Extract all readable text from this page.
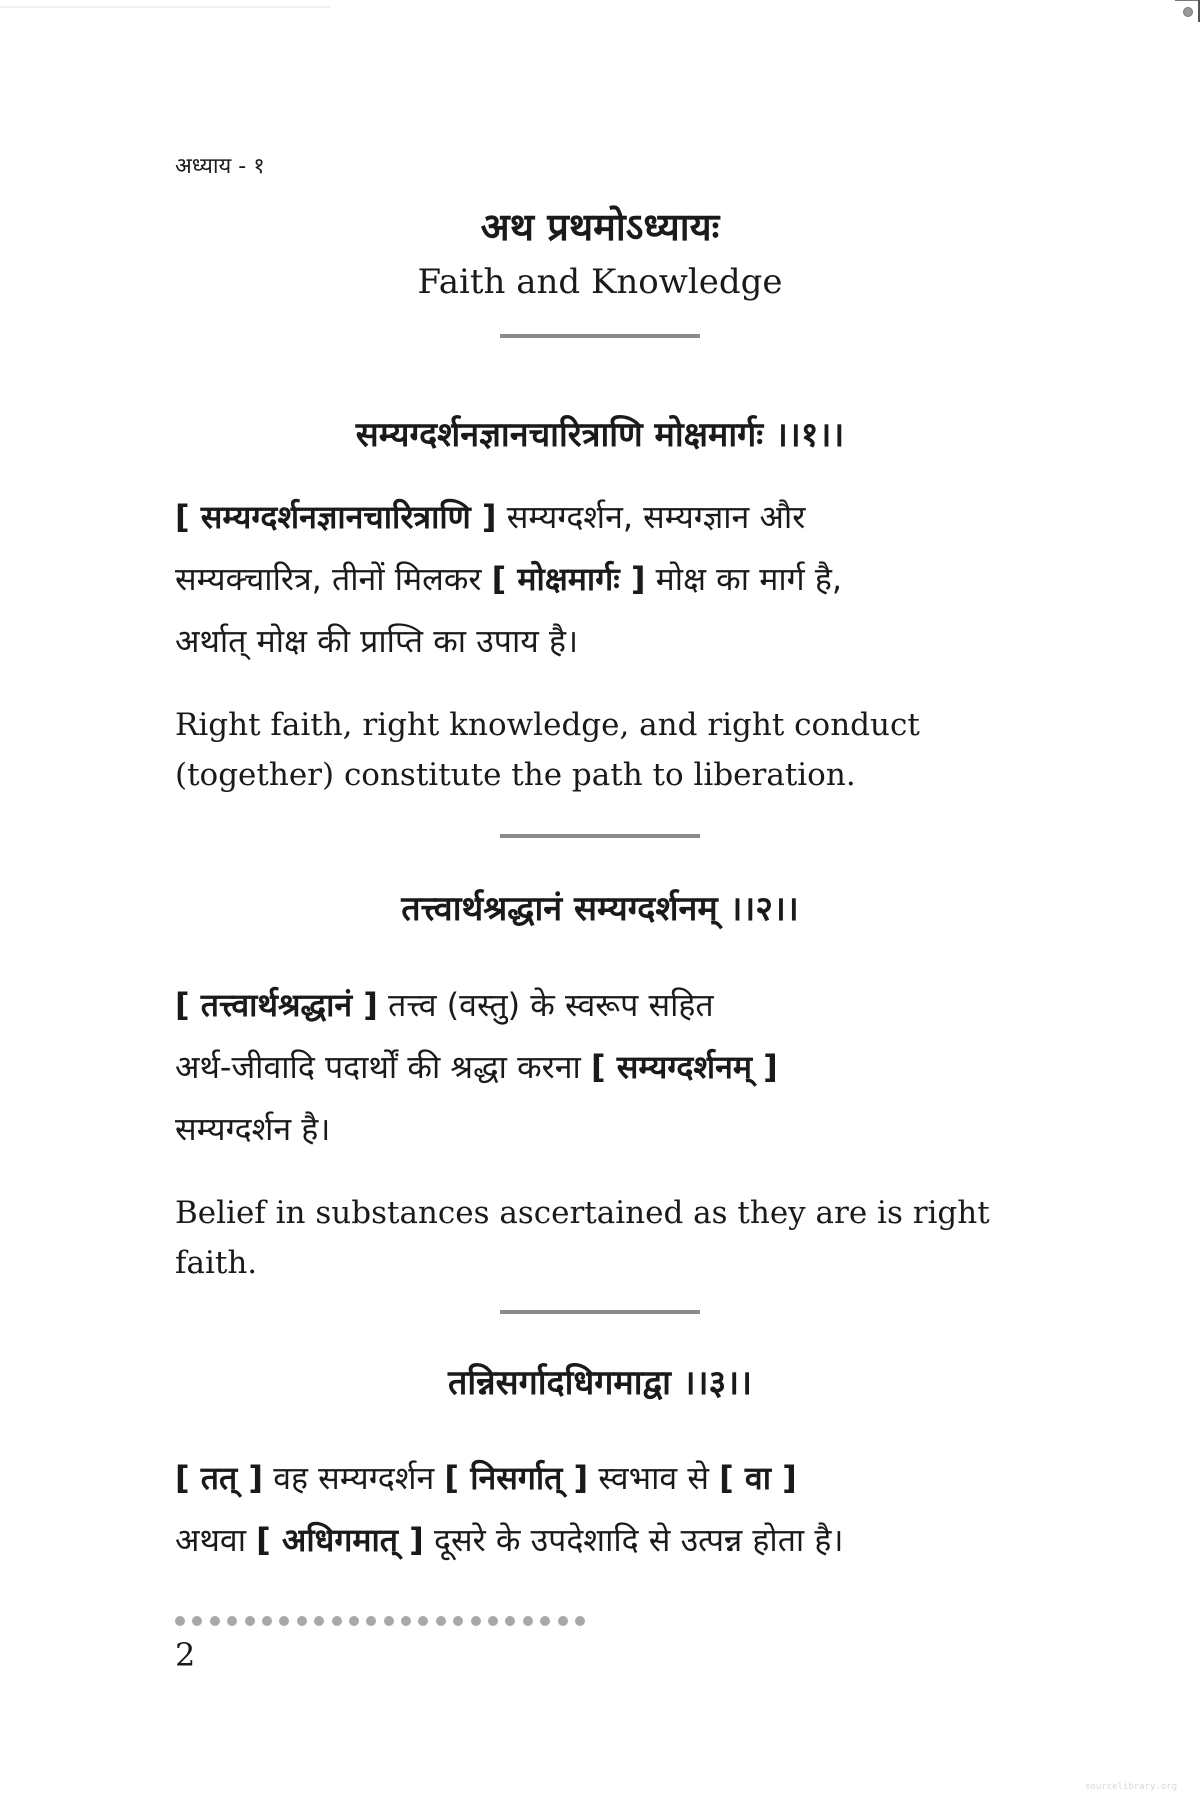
अध्याय - १
अथ प्रथमोऽध्यायः
Faith and Knowledge
सम्यग्दर्शनज्ञानचारित्राणि मोक्षमार्गः ।।१।।
[ सम्यग्दर्शनज्ञानचारित्राणि ] सम्यग्दर्शन, सम्यग्ज्ञान और
सम्यक्चारित्र, तीनों मिलकर [ मोक्षमार्गः ] मोक्ष का मार्ग है,
अर्थात् मोक्ष की प्राप्ति का उपाय है।
Right faith, right knowledge, and right conduct
(together) constitute the path to liberation.
तत्त्वार्थश्रद्धानं सम्यग्दर्शनम् ।।२।।
[ तत्त्वार्थश्रद्धानं ] तत्त्व (वस्तु) के स्वरूप सहित
अर्थ-जीवादि पदार्थों की श्रद्धा करना [ सम्यग्दर्शनम् ]
सम्यग्दर्शन है।
Belief in substances ascertained as they are is right
faith.
तन्निसर्गादधिगमाद्वा ।।३।।
[ तत् ] वह सम्यग्दर्शन [ निसर्गात् ] स्वभाव से [ वा ]
अथवा [ अधिगमात् ] दूसरे के उपदेशादि से उत्पन्न होता है।
2
sourcelibrary.org
